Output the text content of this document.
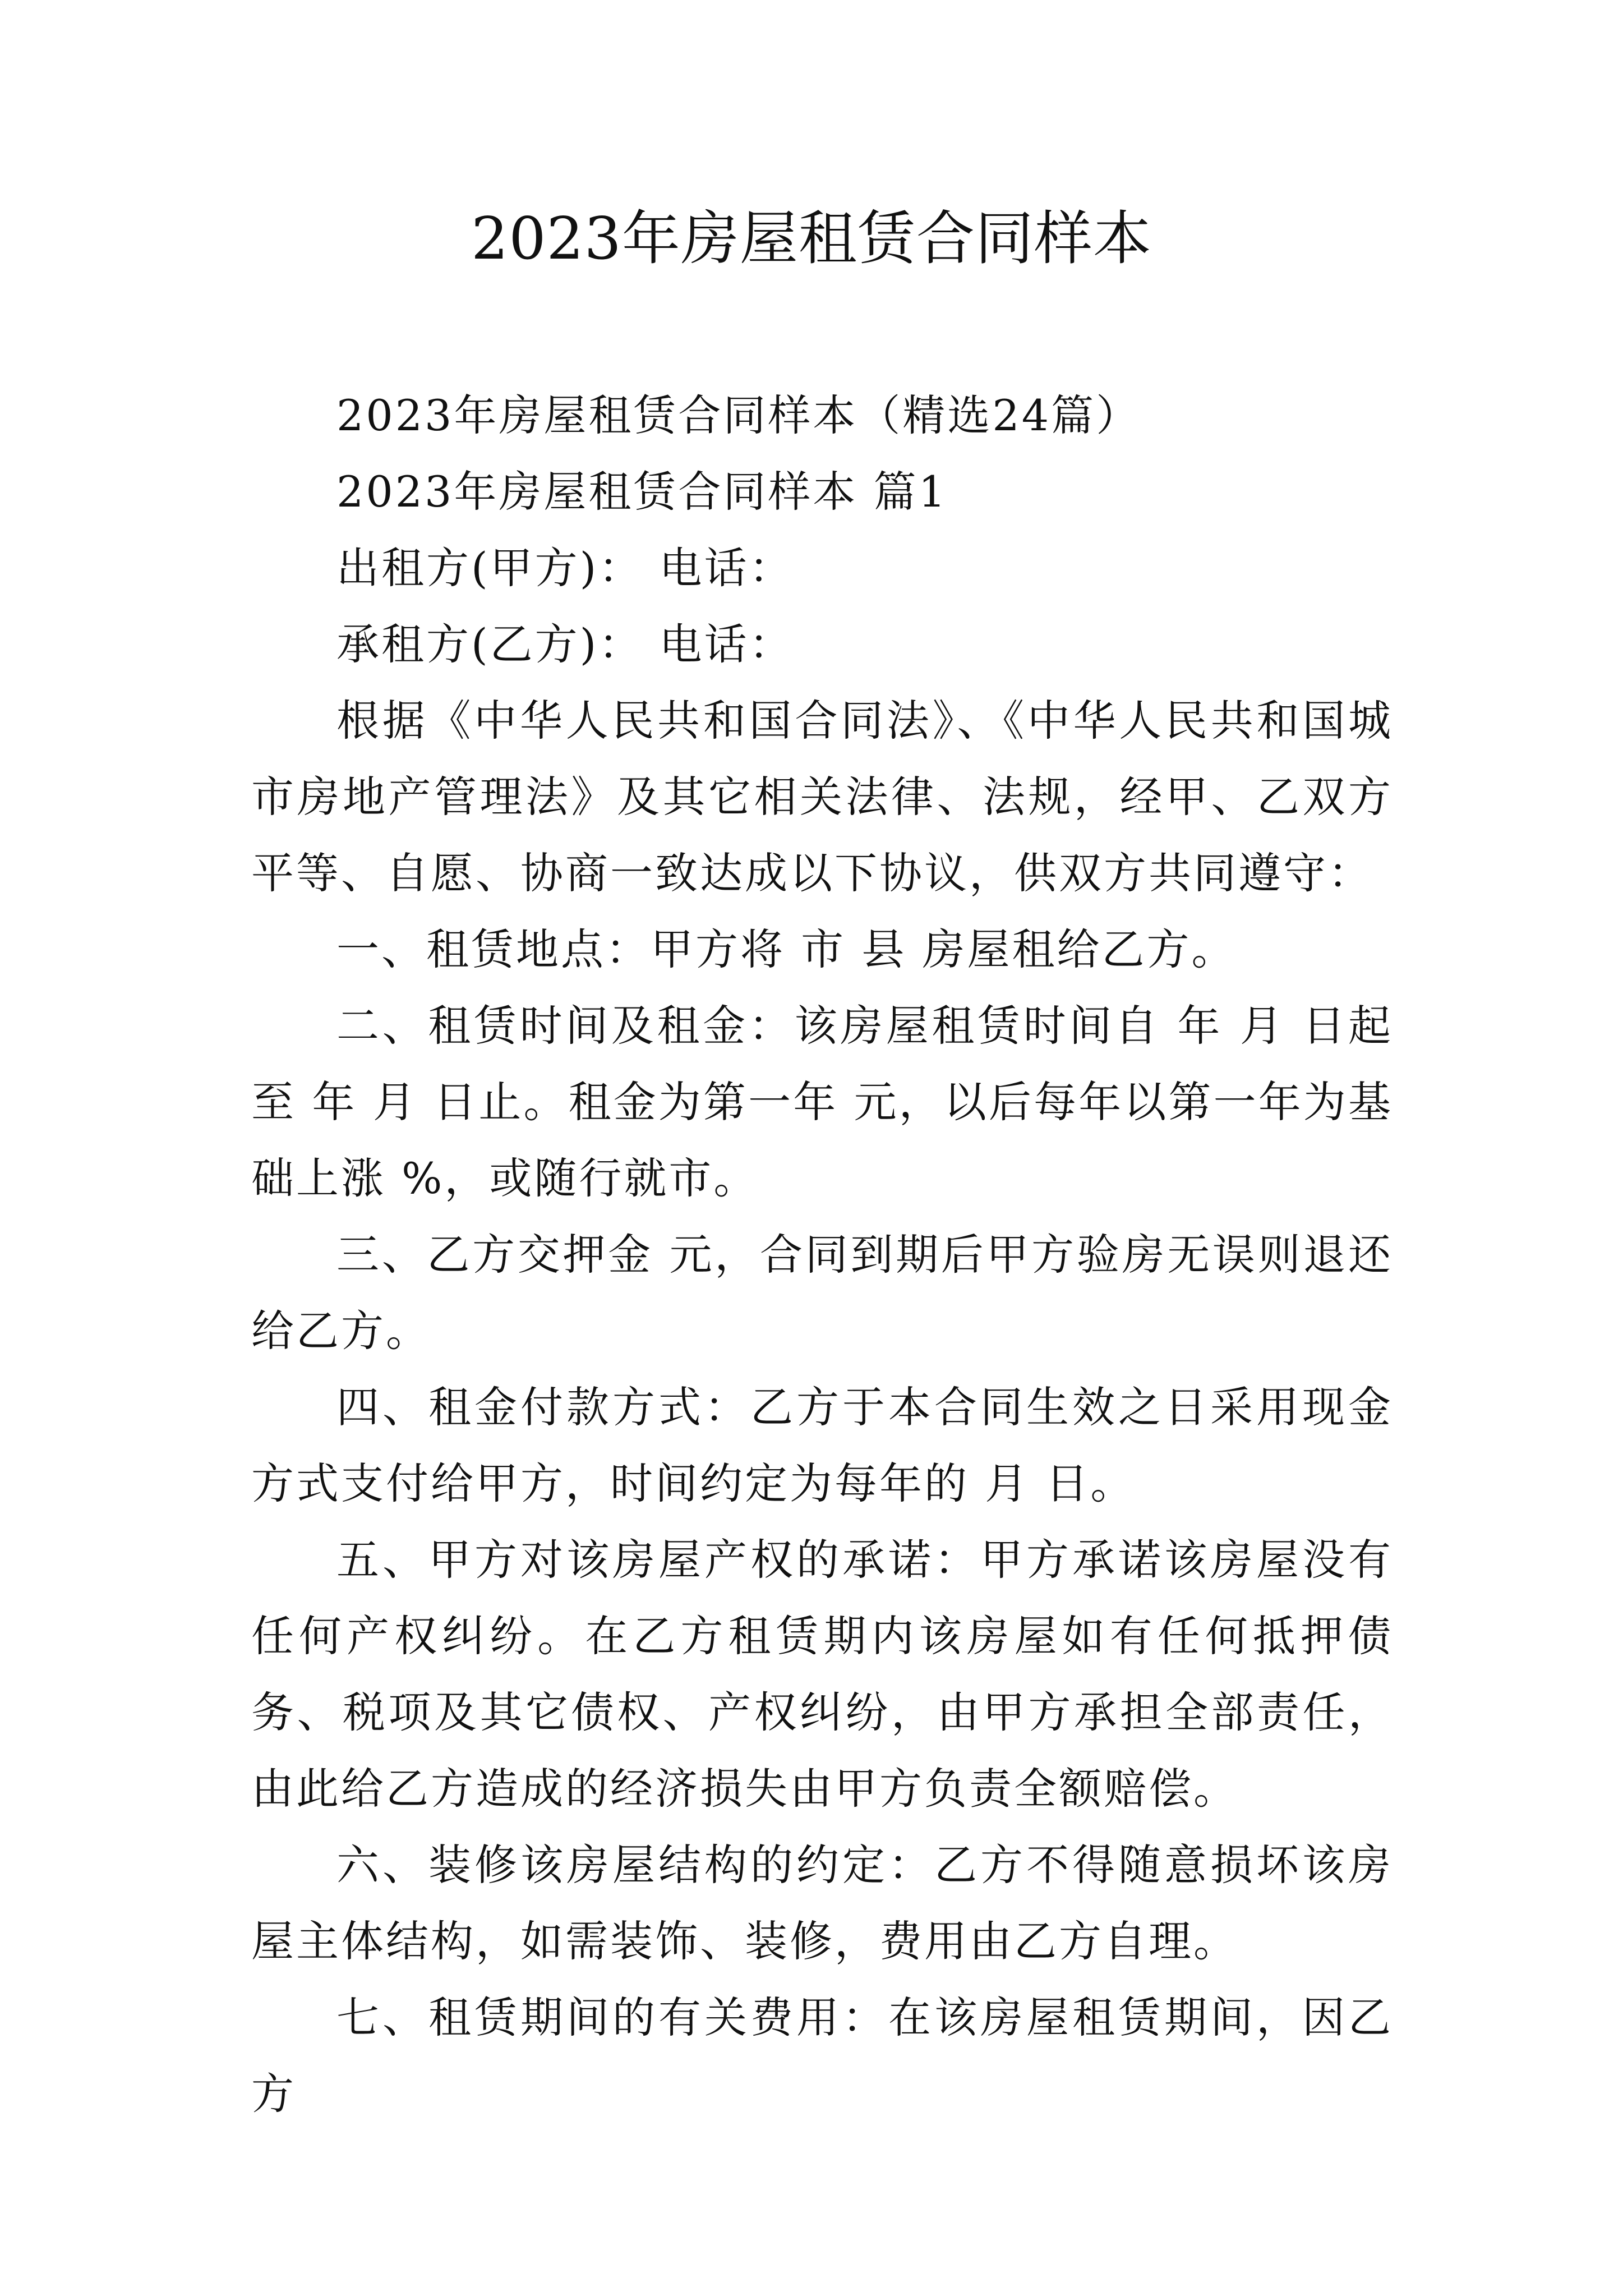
2023年房屋租赁合同样本

2023年房屋租赁合同样本（精选24篇）

2023年房屋租赁合同样本 篇1

出租方(甲方)： 电话：

承租方(乙方)： 电话：

根据《中华人民共和国合同法》、《中华人民共和国城市房地产管理法》及其它相关法律、法规，经甲、乙双方平等、自愿、协商一致达成以下协议，供双方共同遵守：

一、租赁地点：甲方将 市 县 房屋租给乙方。

二、租赁时间及租金：该房屋租赁时间自 年 月 日起至 年 月 日止。租金为第一年 元，以后每年以第一年为基础上涨 %，或随行就市。

三、乙方交押金 元，合同到期后甲方验房无误则退还给乙方。

四、租金付款方式：乙方于本合同生效之日采用现金方式支付给甲方，时间约定为每年的 月 日。

五、甲方对该房屋产权的承诺：甲方承诺该房屋没有任何产权纠纷。在乙方租赁期内该房屋如有任何抵押债务、税项及其它债权、产权纠纷，由甲方承担全部责任，由此给乙方造成的经济损失由甲方负责全额赔偿。

六、装修该房屋结构的约定：乙方不得随意损坏该房屋主体结构，如需装饰、装修，费用由乙方自理。

七、租赁期间的有关费用：在该房屋租赁期间，因乙方
